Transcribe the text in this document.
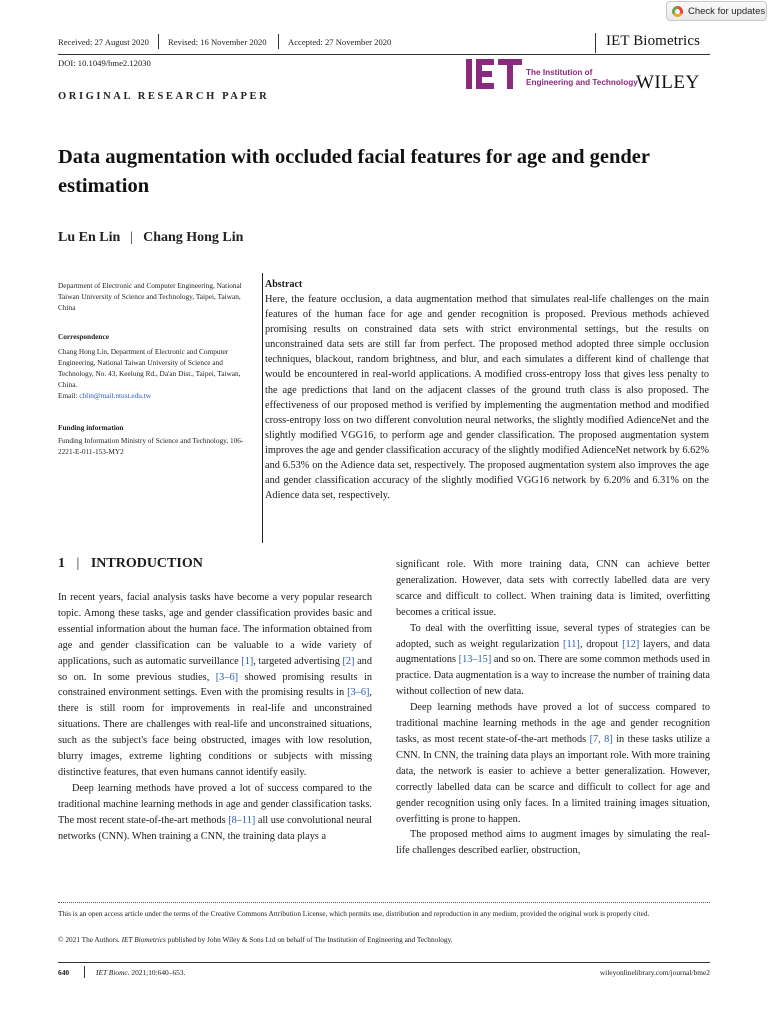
Check for updates
Received: 27 August 2020 Revised: 16 November 2020 Accepted: 27 November 2020	IET Biometrics
DOI: 10.1049/bme2.12030
ORIGINAL RESEARCH PAPER
The Institution of
Engineering and Technology
WILEY
Data augmentation with occluded facial features for age and gender estimation
Lu En Lin | Chang Hong Lin
Department of Electronic and Computer Engineering, National Taiwan University of Science and Technology, Taipei, Taiwan, China
Correspondence
Chang Hong Lin, Department of Electronic and Computer Engineering, National Taiwan University of Science and Technology, No. 43, Keelung Rd., Da'an Dist., Taipei, Taiwan, China.
Email: chlin@mail.ntust.edu.tw
Funding information
Funding Information Ministry of Science and Technology, 106-2221-E-011-153-MY2
Abstract
Here, the feature occlusion, a data augmentation method that simulates real-life challenges on the main features of the human face for age and gender recognition is proposed. Previous methods achieved promising results on constrained data sets with strict environmental settings, but the results on unconstrained data sets are still far from perfect. The proposed method adopted three simple occlusion techniques, blackout, random brightness, and blur, and each simulates a different kind of challenge that would be encountered in real-world applications. A modified cross-entropy loss that gives less penalty to the age predictions that land on the adjacent classes of the ground truth class is also proposed. The effectiveness of our proposed method is verified by implementing the augmentation method and modified cross-entropy loss on two different convolution neural networks, the slightly modified AdienceNet and the slightly modified VGG16, to perform age and gender classification. The proposed augmentation system improves the age and gender classification accuracy of the slightly modified AdienceNet network by 6.62% and 6.53% on the Adience data set, respectively. The proposed augmentation system also improves the age and gender classification accuracy of the slightly modified VGG16 network by 6.20% and 6.31% on the Adience data set, respectively.
1 | INTRODUCTION

In recent years, facial analysis tasks have become a very popular research topic. Among these tasks, age and gender classification provides basic and essential information about the human face. The information obtained from age and gender classification can be valuable to a wide variety of applications, such as automatic surveillance [1], targeted advertising [2] and so on. In some previous studies, [3–6] showed promising results in constrained environment settings. Even with the promising results in [3–6], there is still room for improvements in real-life and unconstrained situations. There are challenges with real-life and unconstrained situations, such as the subject's face being obstructed, images with low resolution, blurry images, extreme lighting conditions or subjects with missing distinctive features, that even humans cannot identify easily.

Deep learning methods have proved a lot of success compared to the traditional machine learning methods in age and gender classification tasks. The most recent state-of-the-art methods [8–11] all use convolutional neural networks (CNN). When training a CNN, the training data plays a

significant role. With more training data, CNN can achieve better generalization. However, data sets with correctly labelled data are very scarce and difficult to collect. When training data is limited, overfitting becomes a critical issue.

To deal with the overfitting issue, several types of strategies can be adopted, such as weight regularization [11], dropout [12] layers, and data augmentations [13–15] and so on. There are some common methods used in practice. Data augmentation is a way to increase the number of training data without collection of new data.

Deep learning methods have proved a lot of success compared to traditional machine learning methods in the age and gender recognition tasks, as most recent state-of-the-art methods [7, 8] in these tasks utilize a CNN. In CNN, the training data plays an important role. With more training data, the network is easier to achieve a better generalization. However, correctly labelled data can be scarce and difficult to collect for age and gender recognition using only faces. In a limited training images situation, overfitting is prone to happen.

The proposed method aims to augment images by simulating the real-life challenges described earlier, obstruction,

This is an open access article under the terms of the Creative Commons Attribution License, which permits use, distribution and reproduction in any medium, provided the original work is properly cited.
© 2021 The Authors. IET Biometrics published by John Wiley & Sons Ltd on behalf of The Institution of Engineering and Technology.
640	IET Biomc. 2021;10:640–653.	wileyonlinelibrary.com/journal/bme2
